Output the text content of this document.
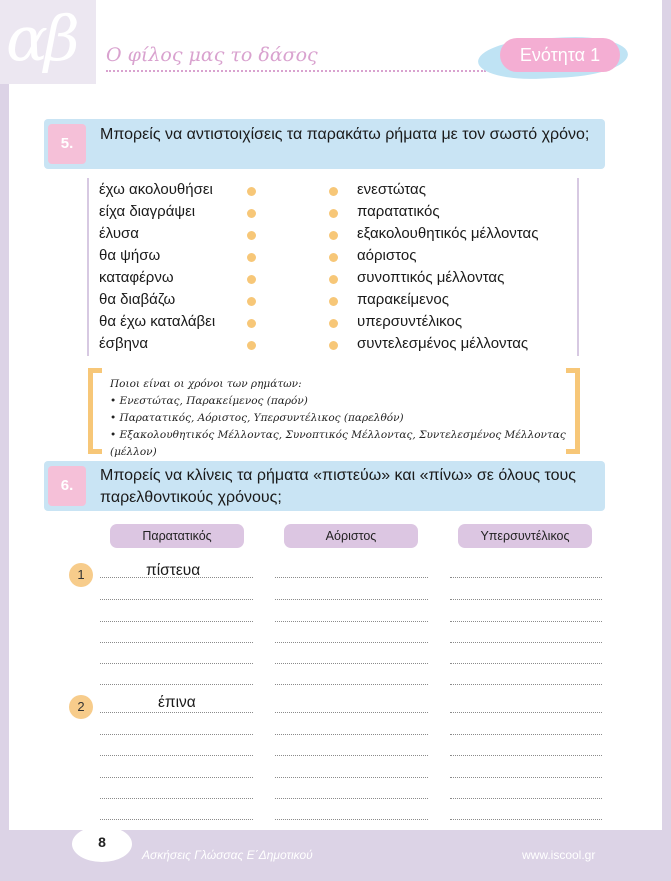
αβ Ο φίλος μας το δάσος	Ενότητα 1
5.
Μπορείς να αντιστοιχίσεις τα παρακάτω ρήματα με τον σωστό χρόνο;
έχω ακολουθήσει	ενεστώτας
είχα διαγράψει	παρατατικός
έλυσα	εξακολουθητικός μέλλοντας
θα ψήσω	αόριστος
καταφέρνω	συνοπτικός μέλλοντας
θα διαβάζω	παρακείμενος
θα έχω καταλάβει	υπερσυντέλικος
έσβηνα	συντελεσμένος μέλλοντας
Ποιοι είναι οι χρόνοι των ρημάτων:
• Ενεστώτας, Παρακείμενος (παρόν)
• Παρατατικός, Αόριστος, Υπερσυντέλικος (παρελθόν)
• Εξακολουθητικός Μέλλοντας, Συνοπτικός Μέλλοντας, Συντελεσμένος Μέλλοντας (μέλλον)
6.
Μπορείς να κλίνεις τα ρήματα «πιστεύω» και «πίνω» σε όλους τους παρελθοντικούς χρόνους;
Παρατατικός	Αόριστος	Υπερσυντέλικος
1	πίστευα
2	έπινα
8
Ασκήσεις Γλώσσας Ε΄Δημοτικού	www.iscool.gr
